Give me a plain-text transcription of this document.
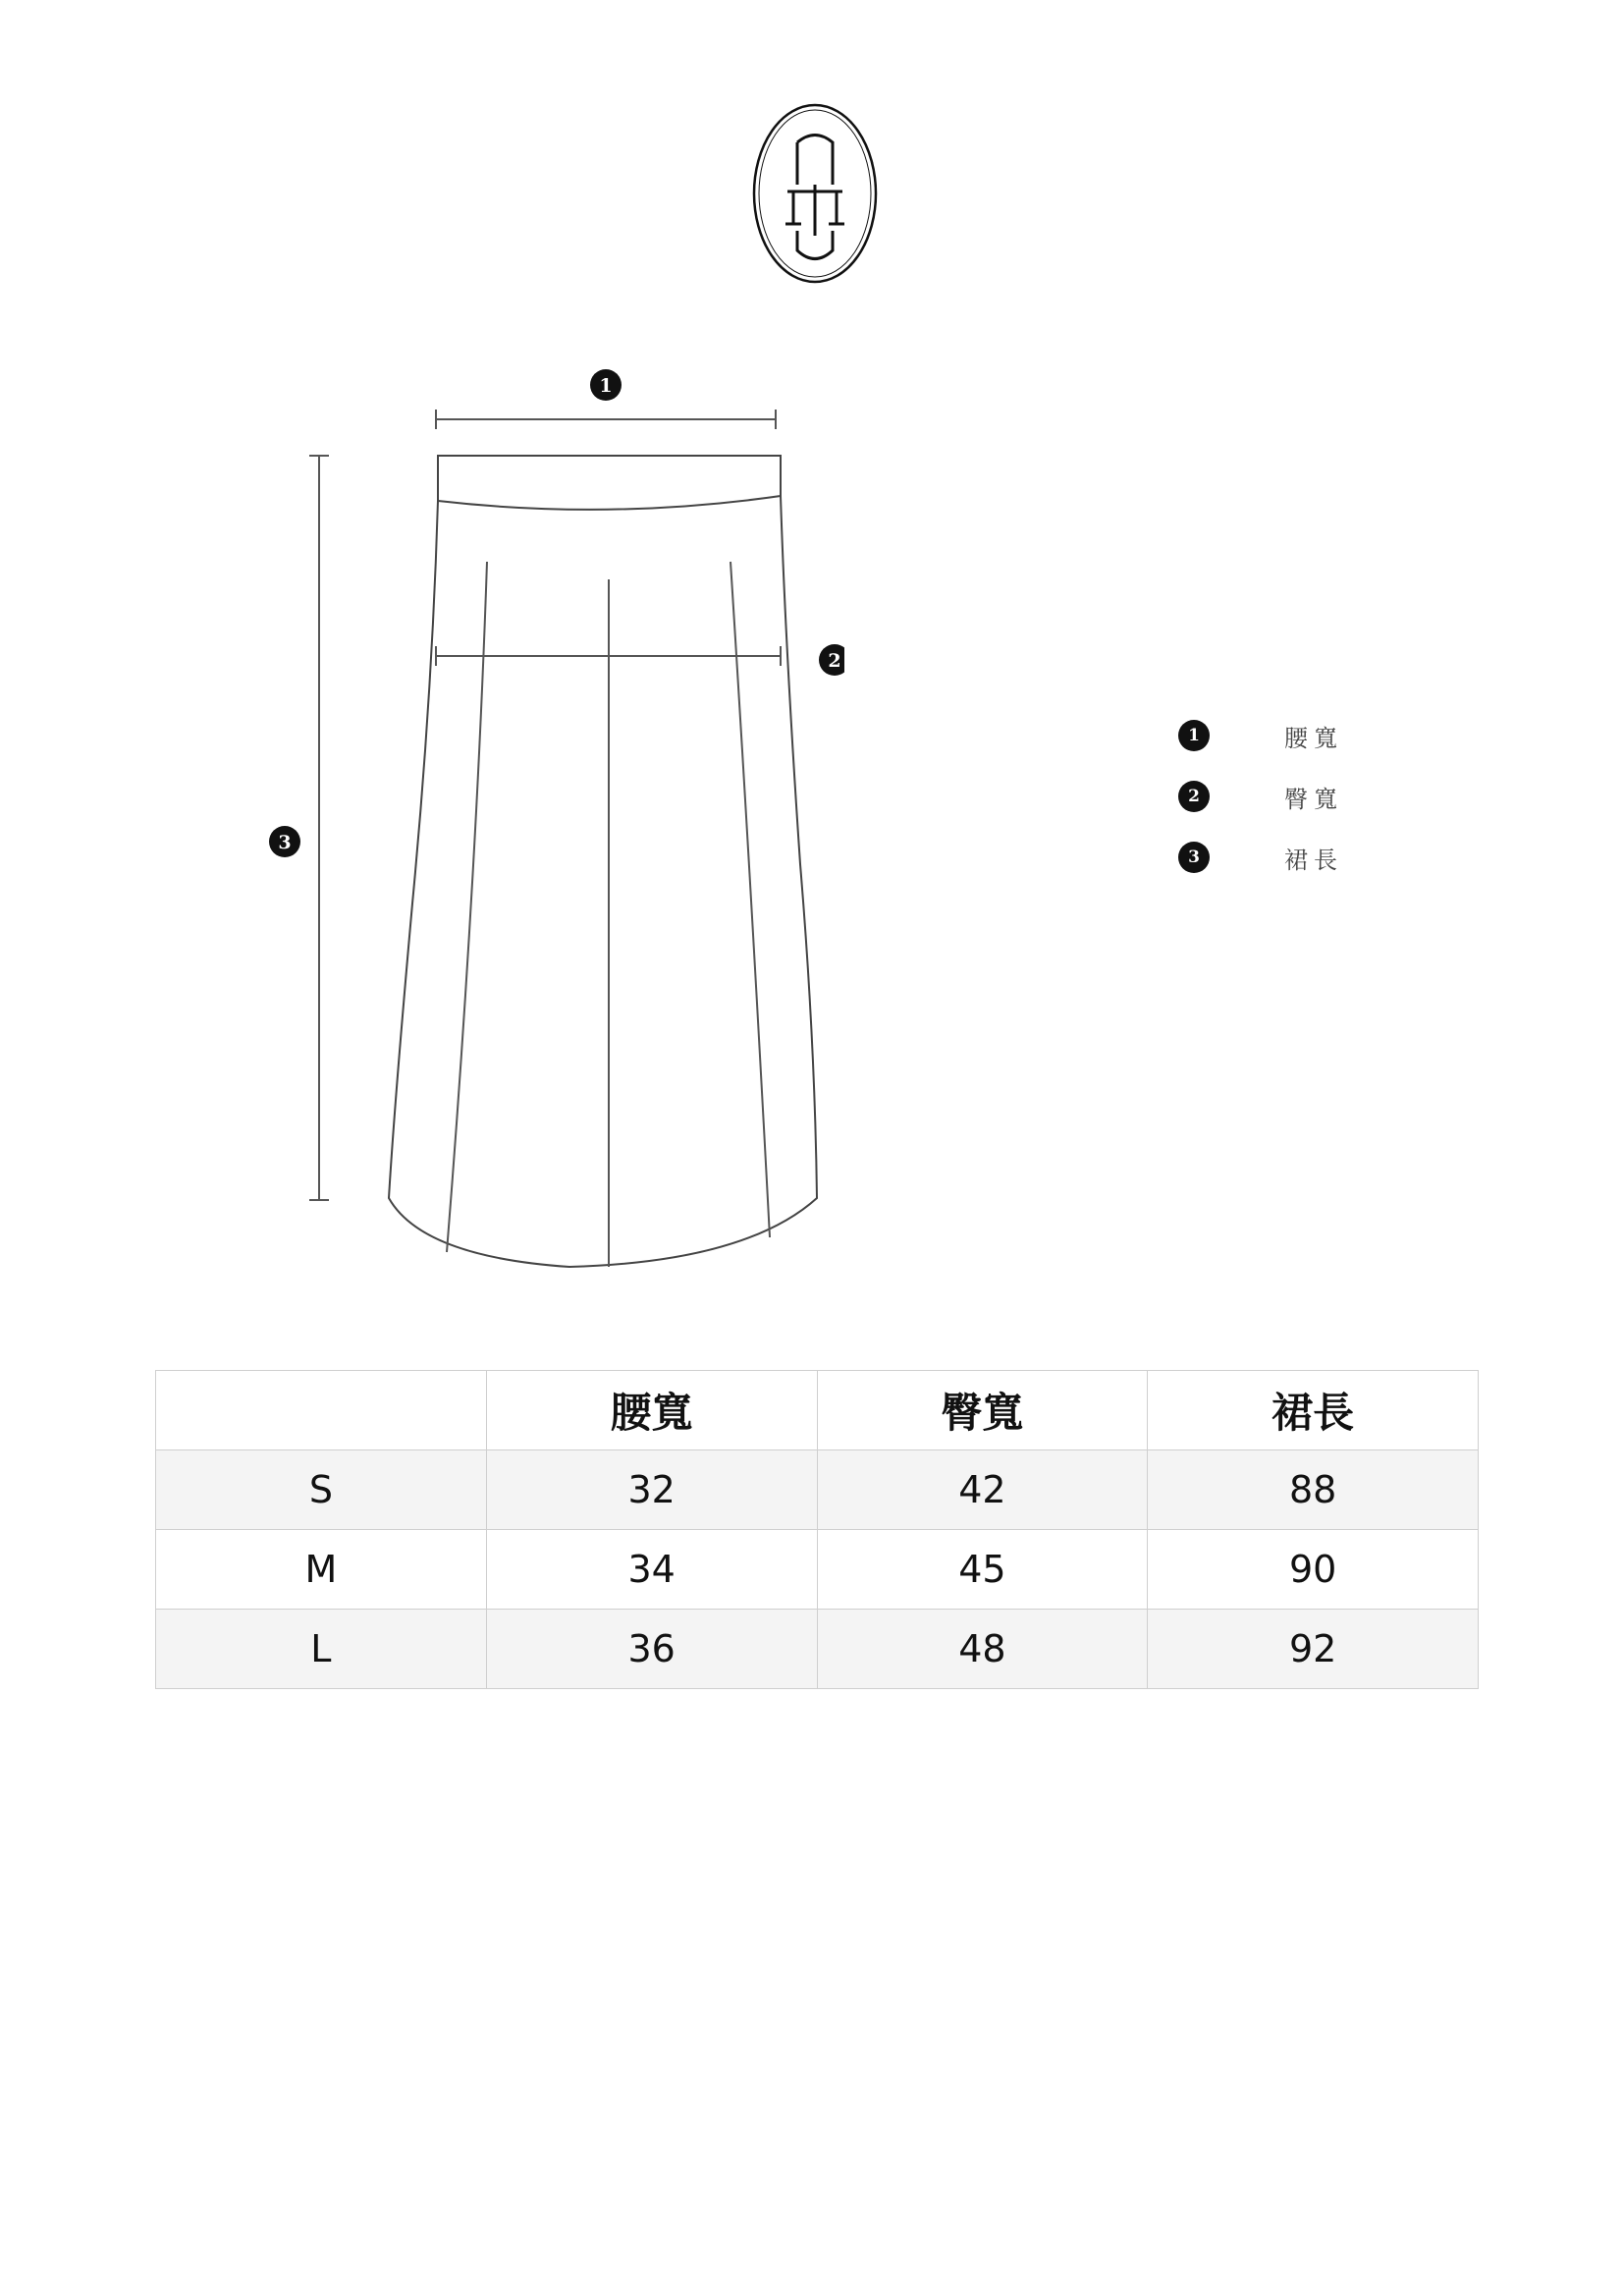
1
3
2
1	腰寬
2	臀寬
3	裙長
	腰寬	臀寬	裙長
S	32	42	88
M	34	45	90
L	36	48	92
